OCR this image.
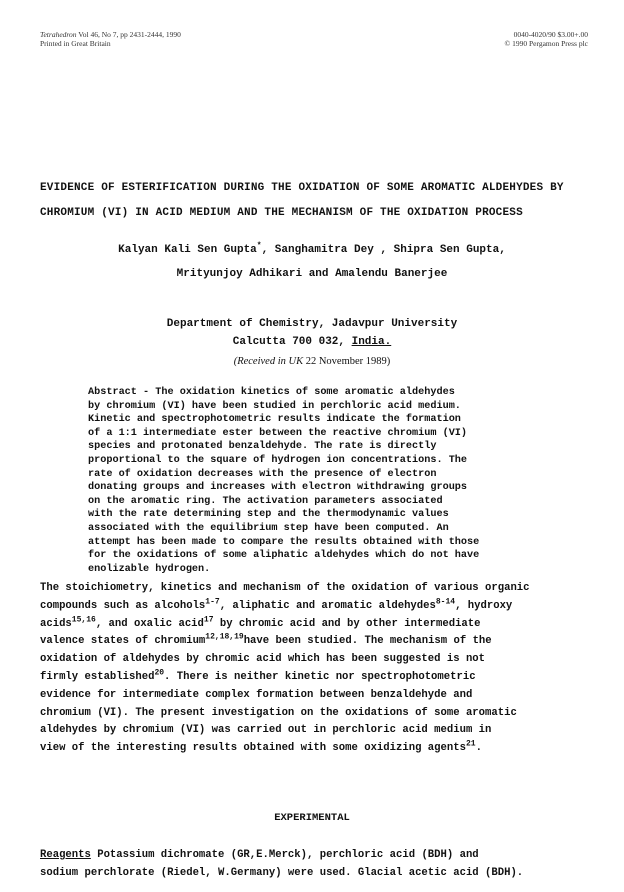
Tetrahedron Vol 46, No 7, pp 2431-2444, 1990
Printed in Great Britain
0040-4020/90 $3.00+.00
© 1990 Pergamon Press plc
EVIDENCE OF ESTERIFICATION DURING THE OXIDATION OF SOME AROMATIC ALDEHYDES BY
CHROMIUM (VI) IN ACID MEDIUM AND THE MECHANISM OF THE OXIDATION PROCESS
Kalyan Kali Sen Gupta*, Sanghamitra Dey , Shipra Sen Gupta,
Mrityunjoy Adhikari and Amalendu Banerjee
Department of Chemistry, Jadavpur University
Calcutta 700 032, India.
(Received in UK 22 November 1989)
Abstract - The oxidation kinetics of some aromatic aldehydes
by chromium (VI) have been studied in perchloric acid medium.
Kinetic and spectrophotometric results indicate the formation
of a 1:1 intermediate ester between the reactive chromium (VI)
species and protonated benzaldehyde. The rate is directly
proportional to the square of hydrogen ion concentrations. The
rate of oxidation decreases with the presence of electron
donating groups and increases with electron withdrawing groups
on the aromatic ring. The activation parameters associated
with the rate determining step and the thermodynamic values
associated with the equilibrium step have been computed. An
attempt has been made to compare the results obtained with those
for the oxidations of some aliphatic aldehydes which do not have
enolizable hydrogen.
The stoichiometry, kinetics and mechanism of the oxidation of various organic
compounds such as alcohols$^{1-7}$, aliphatic and aromatic aldehydes$^{8-14}$, hydroxy
acids$^{15,16}$, and oxalic acid$^{17}$ by chromic acid and by other intermediate
valence states of chromium$^{12,18,19}$have been studied. The mechanism of the
oxidation of aldehydes by chromic acid which has been suggested is not
firmly established$^{20}$. There is neither kinetic nor spectrophotometric
evidence for intermediate complex formation between benzaldehyde and
chromium (VI). The present investigation on the oxidations of some aromatic
aldehydes by chromium (VI) was carried out in perchloric acid medium in
view of the interesting results obtained with some oxidizing agents$^{21}$.
EXPERIMENTAL
Reagents Potassium dichromate (GR,E.Merck), perchloric acid (BDH) and
sodium perchlorate (Riedel, W.Germany) were used. Glacial acetic acid (BDH).
